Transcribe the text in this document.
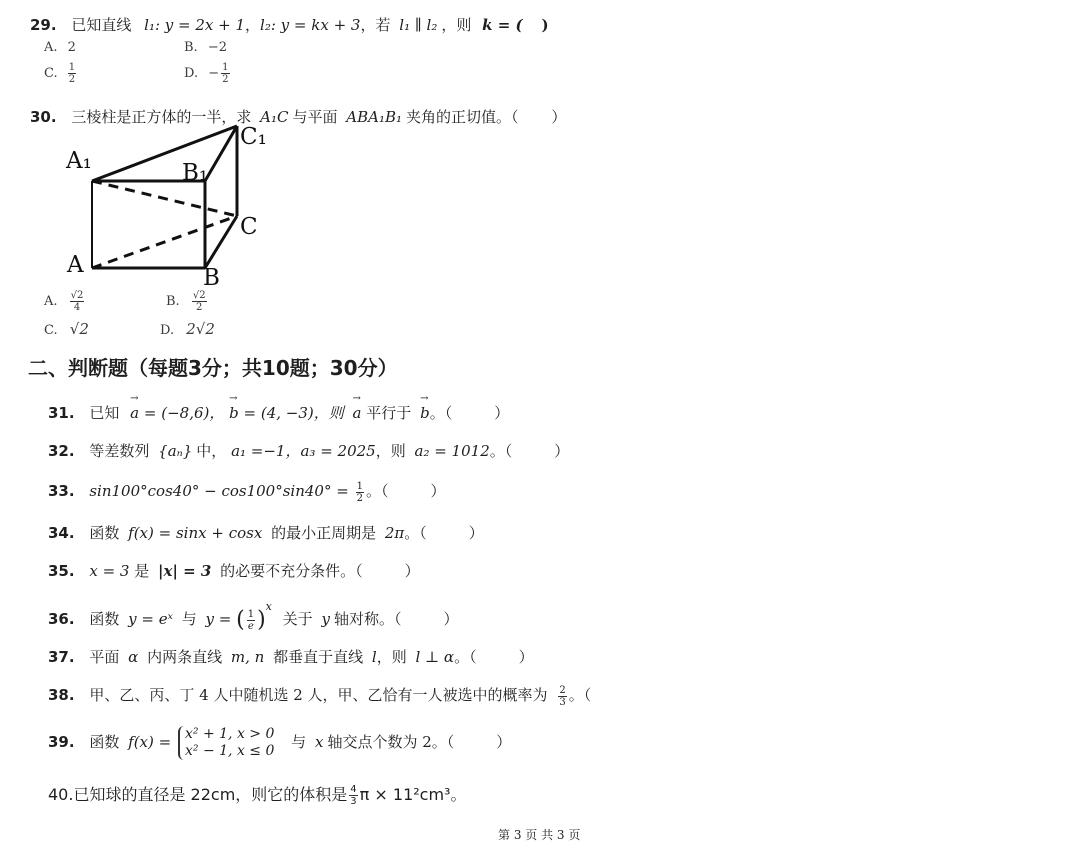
29. 已知直线 l₁: y = 2x + 1，l₂: y = kx + 3，若 l₁ ∥ l₂ ，则 k = ( )
A. 2	B. −2
C. $\frac{1}{2}$	D. − $\frac{1}{2}$
30. 三棱柱是正方体的一半，求 A₁C 与平面 ABA₁B₁ 夹角的正切值。（ ）
A₁	B₁
C₁
A	B
C
A. $\frac{√2}{4}$	B. $\frac{√2}{2}$
C. √2	D. 2√2
二、判断题（每题3分；共10题；30分）
31. 已知 → a = (−8,6)， → b = (4, −3)，则 → a 平行于 → b。（	）
32. 等差数列 {aₙ} 中， a₁ =−1，a₃ = 2025，则 a₂ = 1012。（	）
33. $\sin 100^\circ\cos 40^\circ - \cos 100^\circ\sin 40^\circ = \frac{1}{2}$ 。（	）
34. 函数 f(x) = sinx + cosx 的最小正周期是 2π。（	）
35. x = 3 是 |x| = 3 的必要不充分条件。（	）
36. 函数 y = eˣ 与 y = ( $\frac{1}{e} )^x$ 关于 y 轴对称。（	）
37. 平面 α 内两条直线 m, n 都垂直于直线 l，则 l ⊥ α。（	）
38. 甲、乙、丙、丁 4 人中随机选 2 人，甲、乙恰有一人被选中的概率为 $\frac{2}{3}$ 。（
39. 函数 f(x) = x² + 1, x > 0
x² − 1, x ≤ 0 与 x 轴交点个数为 2。（	）
40.已知球的直径是 22cm，则它的体积是 $\frac{4}{3}$ π × 11²cm³。
第 3 页 共 3 页
